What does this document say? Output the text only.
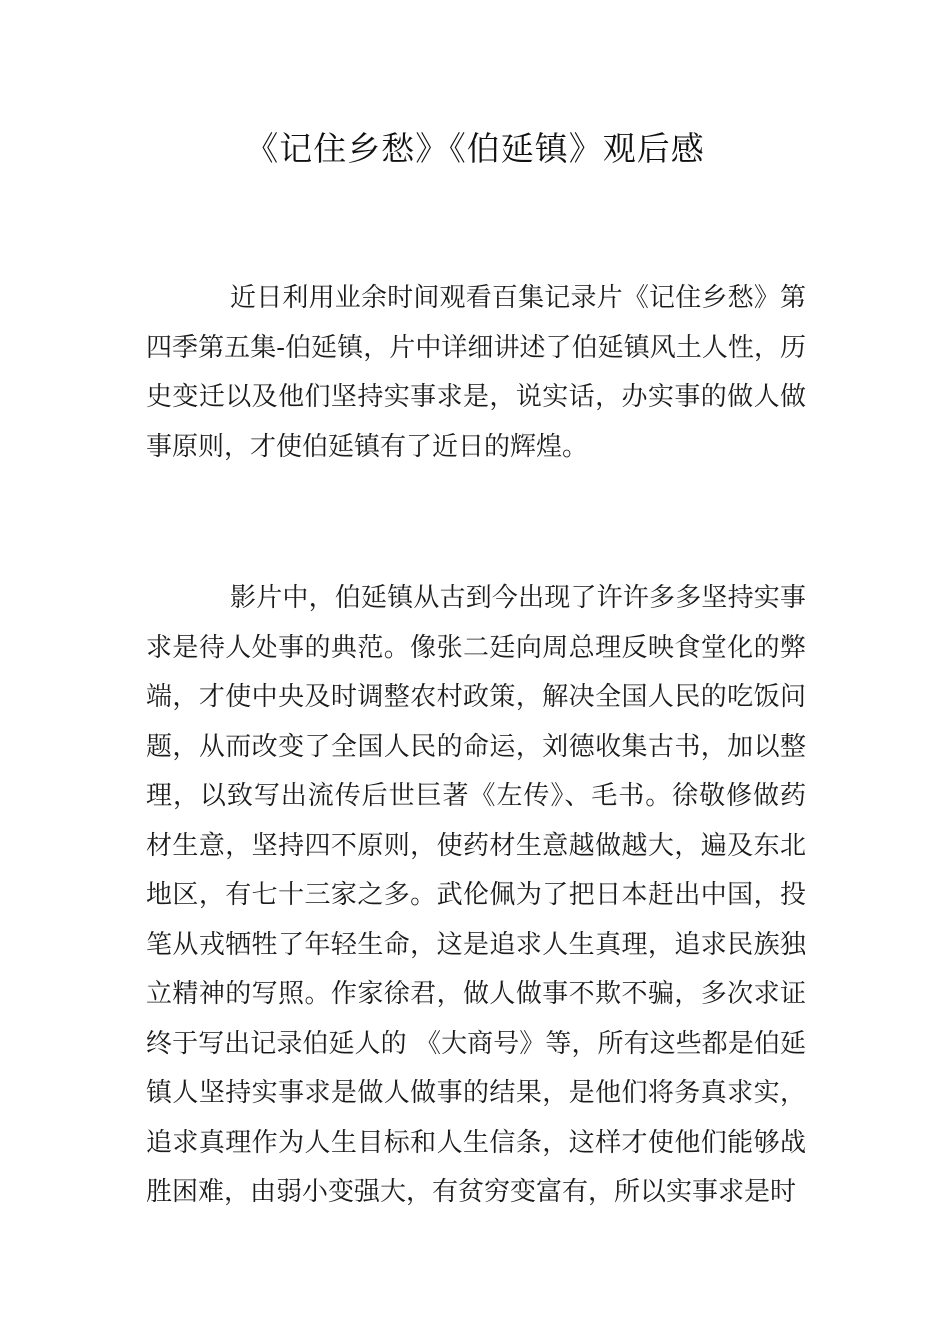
《记住乡愁》《伯延镇》观后感

近日利用业余时间观看百集记录片《记住乡愁》第四季第五集-伯延镇，片中详细讲述了伯延镇风土人性，历史变迁以及他们坚持实事求是，说实话，办实事的做人做事原则，才使伯延镇有了近日的辉煌。

影片中，伯延镇从古到今出现了许许多多坚持实事求是待人处事的典范。像张二廷向周总理反映食堂化的弊端，才使中央及时调整农村政策，解决全国人民的吃饭问题，从而改变了全国人民的命运，刘德收集古书，加以整理，以致写出流传后世巨著《左传》、毛书。徐敬修做药材生意，坚持四不原则，使药材生意越做越大，遍及东北地区，有七十三家之多。武伦佩为了把日本赶出中国，投笔从戎牺牲了年轻生命，这是追求人生真理，追求民族独立精神的写照。作家徐君，做人做事不欺不骗，多次求证终于写出记录伯延人的 《大商号》等，所有这些都是伯延镇人坚持实事求是做人做事的结果，是他们将务真求实，追求真理作为人生目标和人生信条，这样才使他们能够战胜困难，由弱小变强大，有贫穷变富有，所以实事求是时
